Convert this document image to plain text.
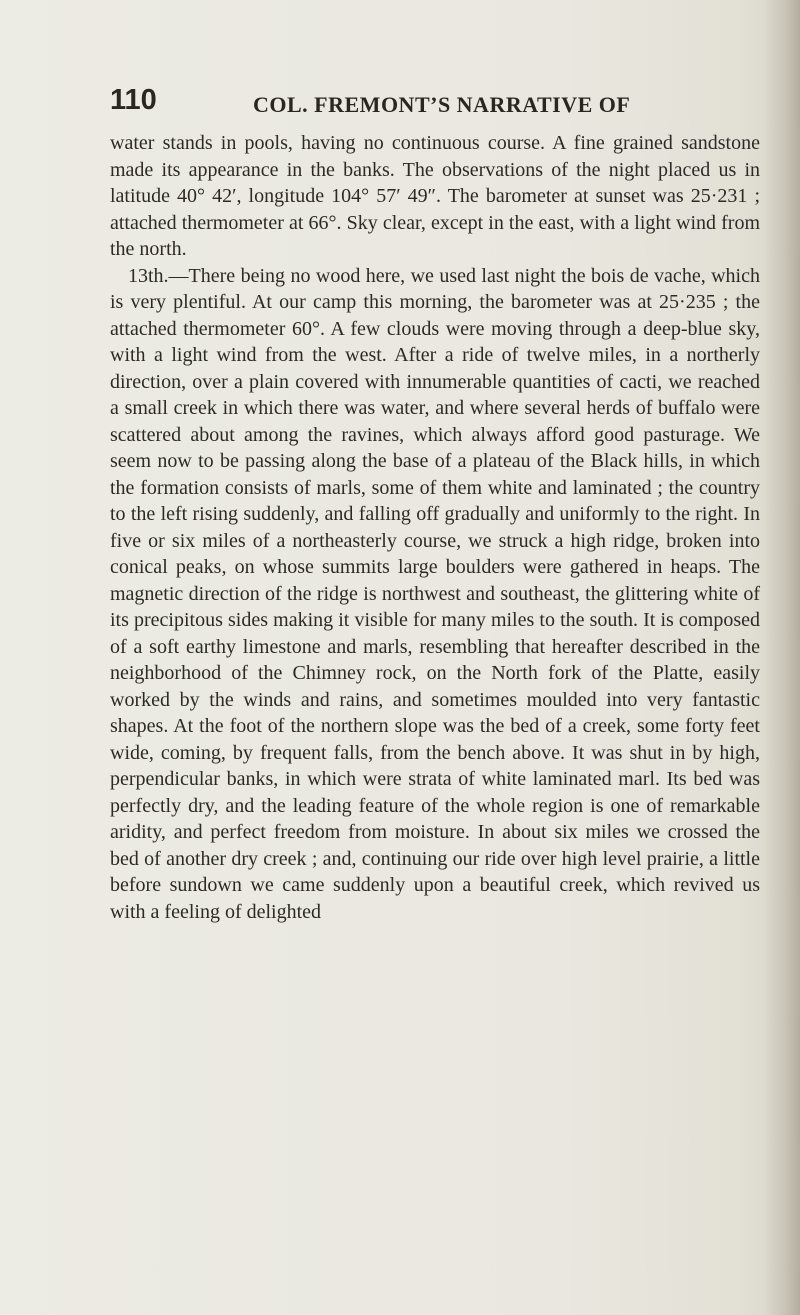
110	COL. FREMONT’S NARRATIVE OF

water stands in pools, having no continuous course. A fine grained sandstone made its appearance in the banks. The observations of the night placed us in latitude 40° 42′, longitude 104° 57′ 49″. The barometer at sunset was 25·231 ; attached thermometer at 66°. Sky clear, except in the east, with a light wind from the north.

13th.—There being no wood here, we used last night the bois de vache, which is very plentiful. At our camp this morning, the barometer was at 25·235 ; the attached thermometer 60°. A few clouds were moving through a deep-blue sky, with a light wind from the west. After a ride of twelve miles, in a northerly direction, over a plain covered with innumerable quantities of cacti, we reached a small creek in which there was water, and where several herds of buffalo were scattered about among the ravines, which always afford good pasturage. We seem now to be passing along the base of a plateau of the Black hills, in which the formation consists of marls, some of them white and laminated ; the country to the left rising suddenly, and falling off gradually and uniformly to the right. In five or six miles of a northeasterly course, we struck a high ridge, broken into conical peaks, on whose summits large boulders were gathered in heaps. The magnetic direction of the ridge is northwest and southeast, the glittering white of its precipitous sides making it visible for many miles to the south. It is composed of a soft earthy limestone and marls, resembling that hereafter described in the neighborhood of the Chimney rock, on the North fork of the Platte, easily worked by the winds and rains, and sometimes moulded into very fantastic shapes. At the foot of the northern slope was the bed of a creek, some forty feet wide, coming, by frequent falls, from the bench above. It was shut in by high, perpendicular banks, in which were strata of white laminated marl. Its bed was perfectly dry, and the leading feature of the whole region is one of remarkable aridity, and perfect freedom from moisture. In about six miles we crossed the bed of another dry creek ; and, continuing our ride over high level prairie, a little before sundown we came suddenly upon a beautiful creek, which revived us with a feeling of delighted
